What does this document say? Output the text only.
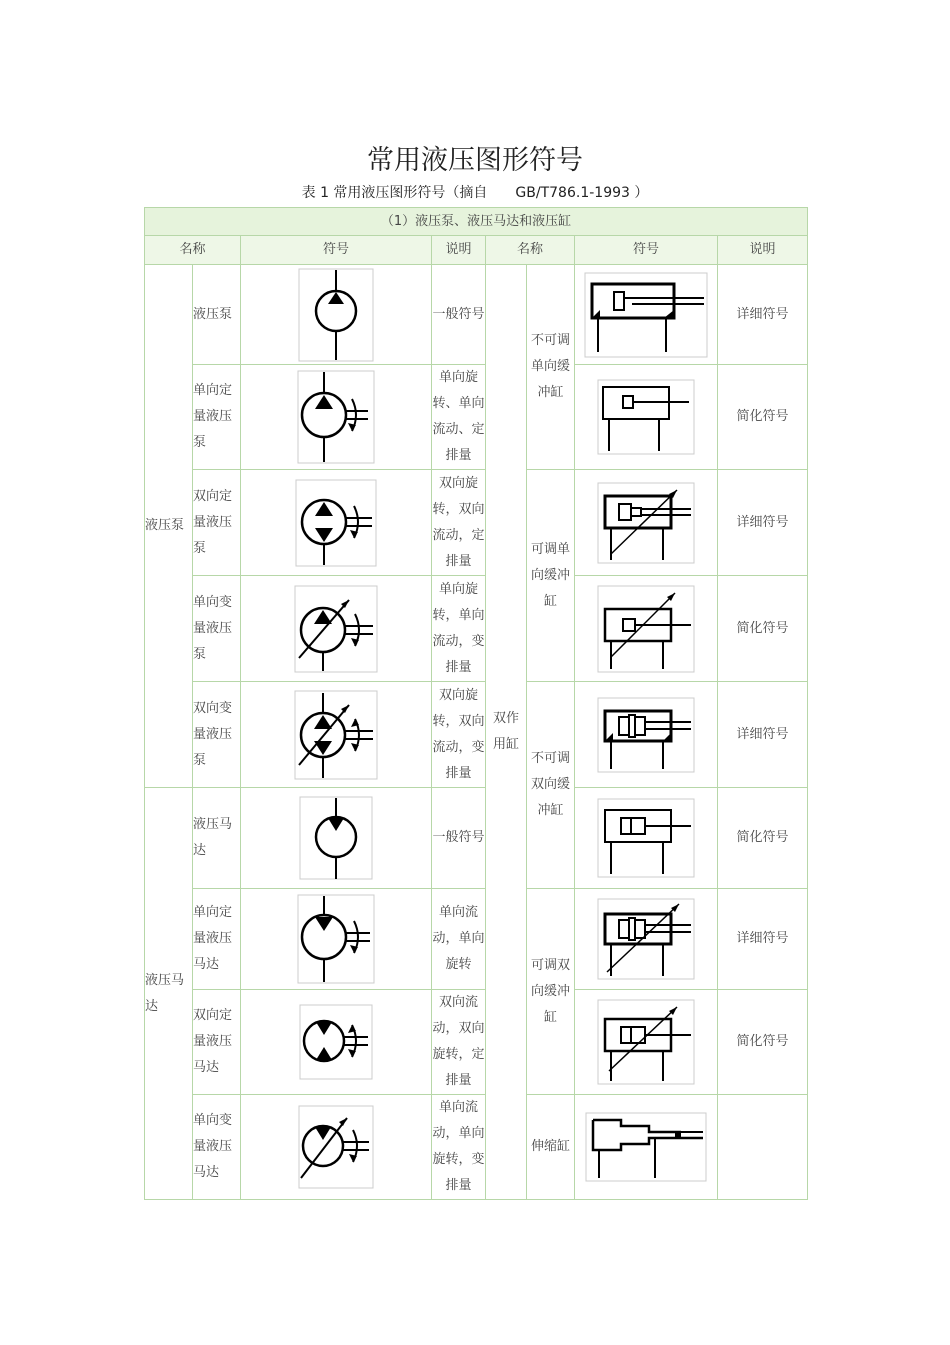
常用液压图形符号
表 1 常用液压图形符号（摘自　　GB/T786.1-1993 ）
（1）液压泵、液压马达和液压缸							
名称		符号	说明	名称		符号	说明
液压泵	液压泵		一般符号	双作用缸	不可调单向缓冲缸		详细符号
	单向定量液压泵		单向旋转、单向流动、定排量				简化符号
	双向定量液压泵		双向旋转，双向流动，定排量		可调单向缓冲缸		详细符号
	单向变量液压泵		单向旋转，单向流动，变排量				简化符号
	双向变量液压泵		双向旋转，双向流动，变排量		不可调双向缓冲缸		详细符号
液压马达	液压马达		一般符号				简化符号
	单向定量液压马达		单向流动，单向旋转		可调双向缓冲缸		详细符号
	双向定量液压马达		双向流动，双向旋转，定排量				简化符号
	单向变量液压马达		单向流动，单向旋转，变排量		伸缩缸	
